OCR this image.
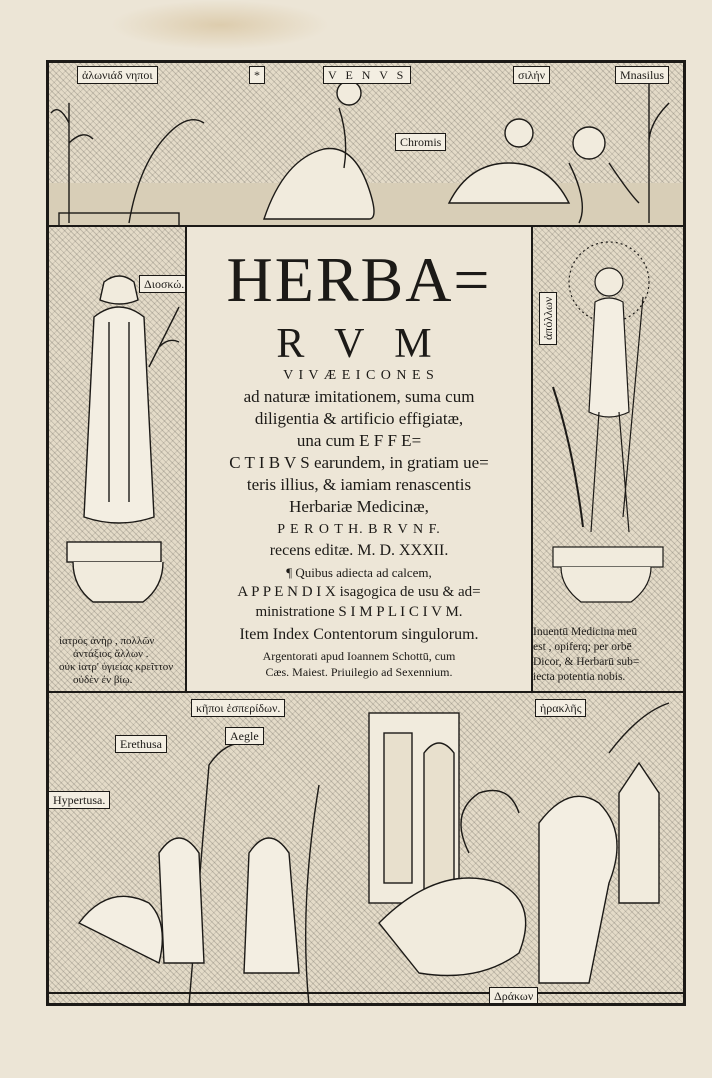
ἀλωνιάδ νηποι	*	V E N V S	σιλήν	Mnasilus
Chromis
Διοσκώ.
ἰατρὸς ἀνὴρ , πολλῶν
ἀντάξιος ἄλλων .
οὐκ ἰατρ' ὑγιείας κρεῖττον
οὐδὲν ἐν βίῳ.
ἀπόλλων
Inuentū Medicina meū
est , opiferq; per orbē
Dicor, & Herbarū sub=
iecta potentia nobis.
HERBA=
R V M
V I V Æ E I C O N E S
ad naturæ imitationem, suma cum
diligentia & artificio effigiatæ,
una cum E F F E=
C T I B V S earundem, in gratiam ue=
teris illius, & iamiam renascentis
Herbariæ Medicinæ,
P E R O T H. B R V N F.
recens editæ. M. D. XXXII.
¶ Quibus adiecta ad calcem,
A P P E N D I X isagogica de usu & ad=
ministratione S I M P L I C I V M.
Item Index Contentorum singulorum.
Argentorati apud Ioannem Schottū, cum
Cæs. Maiest. Priuilegio ad Sexennium.
κῆποι ἑσπερίδων.
Erethusa
Aegle
Hypertusa.
ἡρακλῆς
Δράκων
